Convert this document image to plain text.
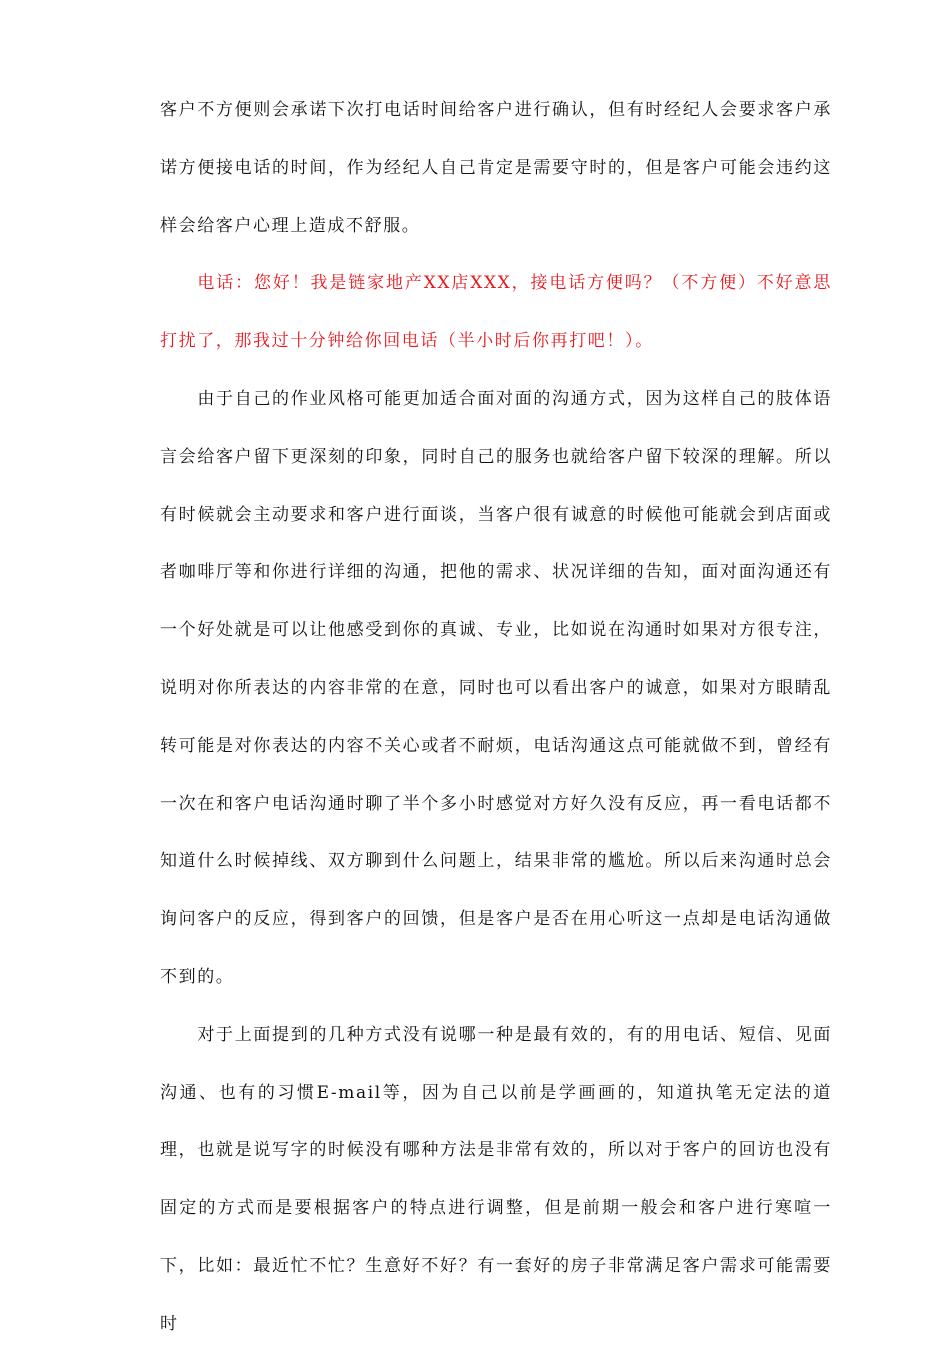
客户不方便则会承诺下次打电话时间给客户进行确认，但有时经纪人会要求客户承诺方便接电话的时间，作为经纪人自己肯定是需要守时的，但是客户可能会违约这样会给客户心理上造成不舒服。

电话：您好！我是链家地产XX店XXX，接电话方便吗？（不方便）不好意思打扰了，那我过十分钟给你回电话（半小时后你再打吧！）。

由于自己的作业风格可能更加适合面对面的沟通方式，因为这样自己的肢体语言会给客户留下更深刻的印象，同时自己的服务也就给客户留下较深的理解。所以有时候就会主动要求和客户进行面谈，当客户很有诚意的时候他可能就会到店面或者咖啡厅等和你进行详细的沟通，把他的需求、状况详细的告知，面对面沟通还有一个好处就是可以让他感受到你的真诚、专业，比如说在沟通时如果对方很专注，说明对你所表达的内容非常的在意，同时也可以看出客户的诚意，如果对方眼睛乱转可能是对你表达的内容不关心或者不耐烦，电话沟通这点可能就做不到，曾经有一次在和客户电话沟通时聊了半个多小时感觉对方好久没有反应，再一看电话都不知道什么时候掉线、双方聊到什么问题上，结果非常的尴尬。所以后来沟通时总会询问客户的反应，得到客户的回馈，但是客户是否在用心听这一点却是电话沟通做不到的。

对于上面提到的几种方式没有说哪一种是最有效的，有的用电话、短信、见面沟通、也有的习惯E-mail等，因为自己以前是学画画的，知道执笔无定法的道理，也就是说写字的时候没有哪种方法是非常有效的，所以对于客户的回访也没有固定的方式而是要根据客户的特点进行调整，但是前期一般会和客户进行寒喧一下，比如：最近忙不忙？生意好不好？有一套好的房子非常满足客户需求可能需要时
